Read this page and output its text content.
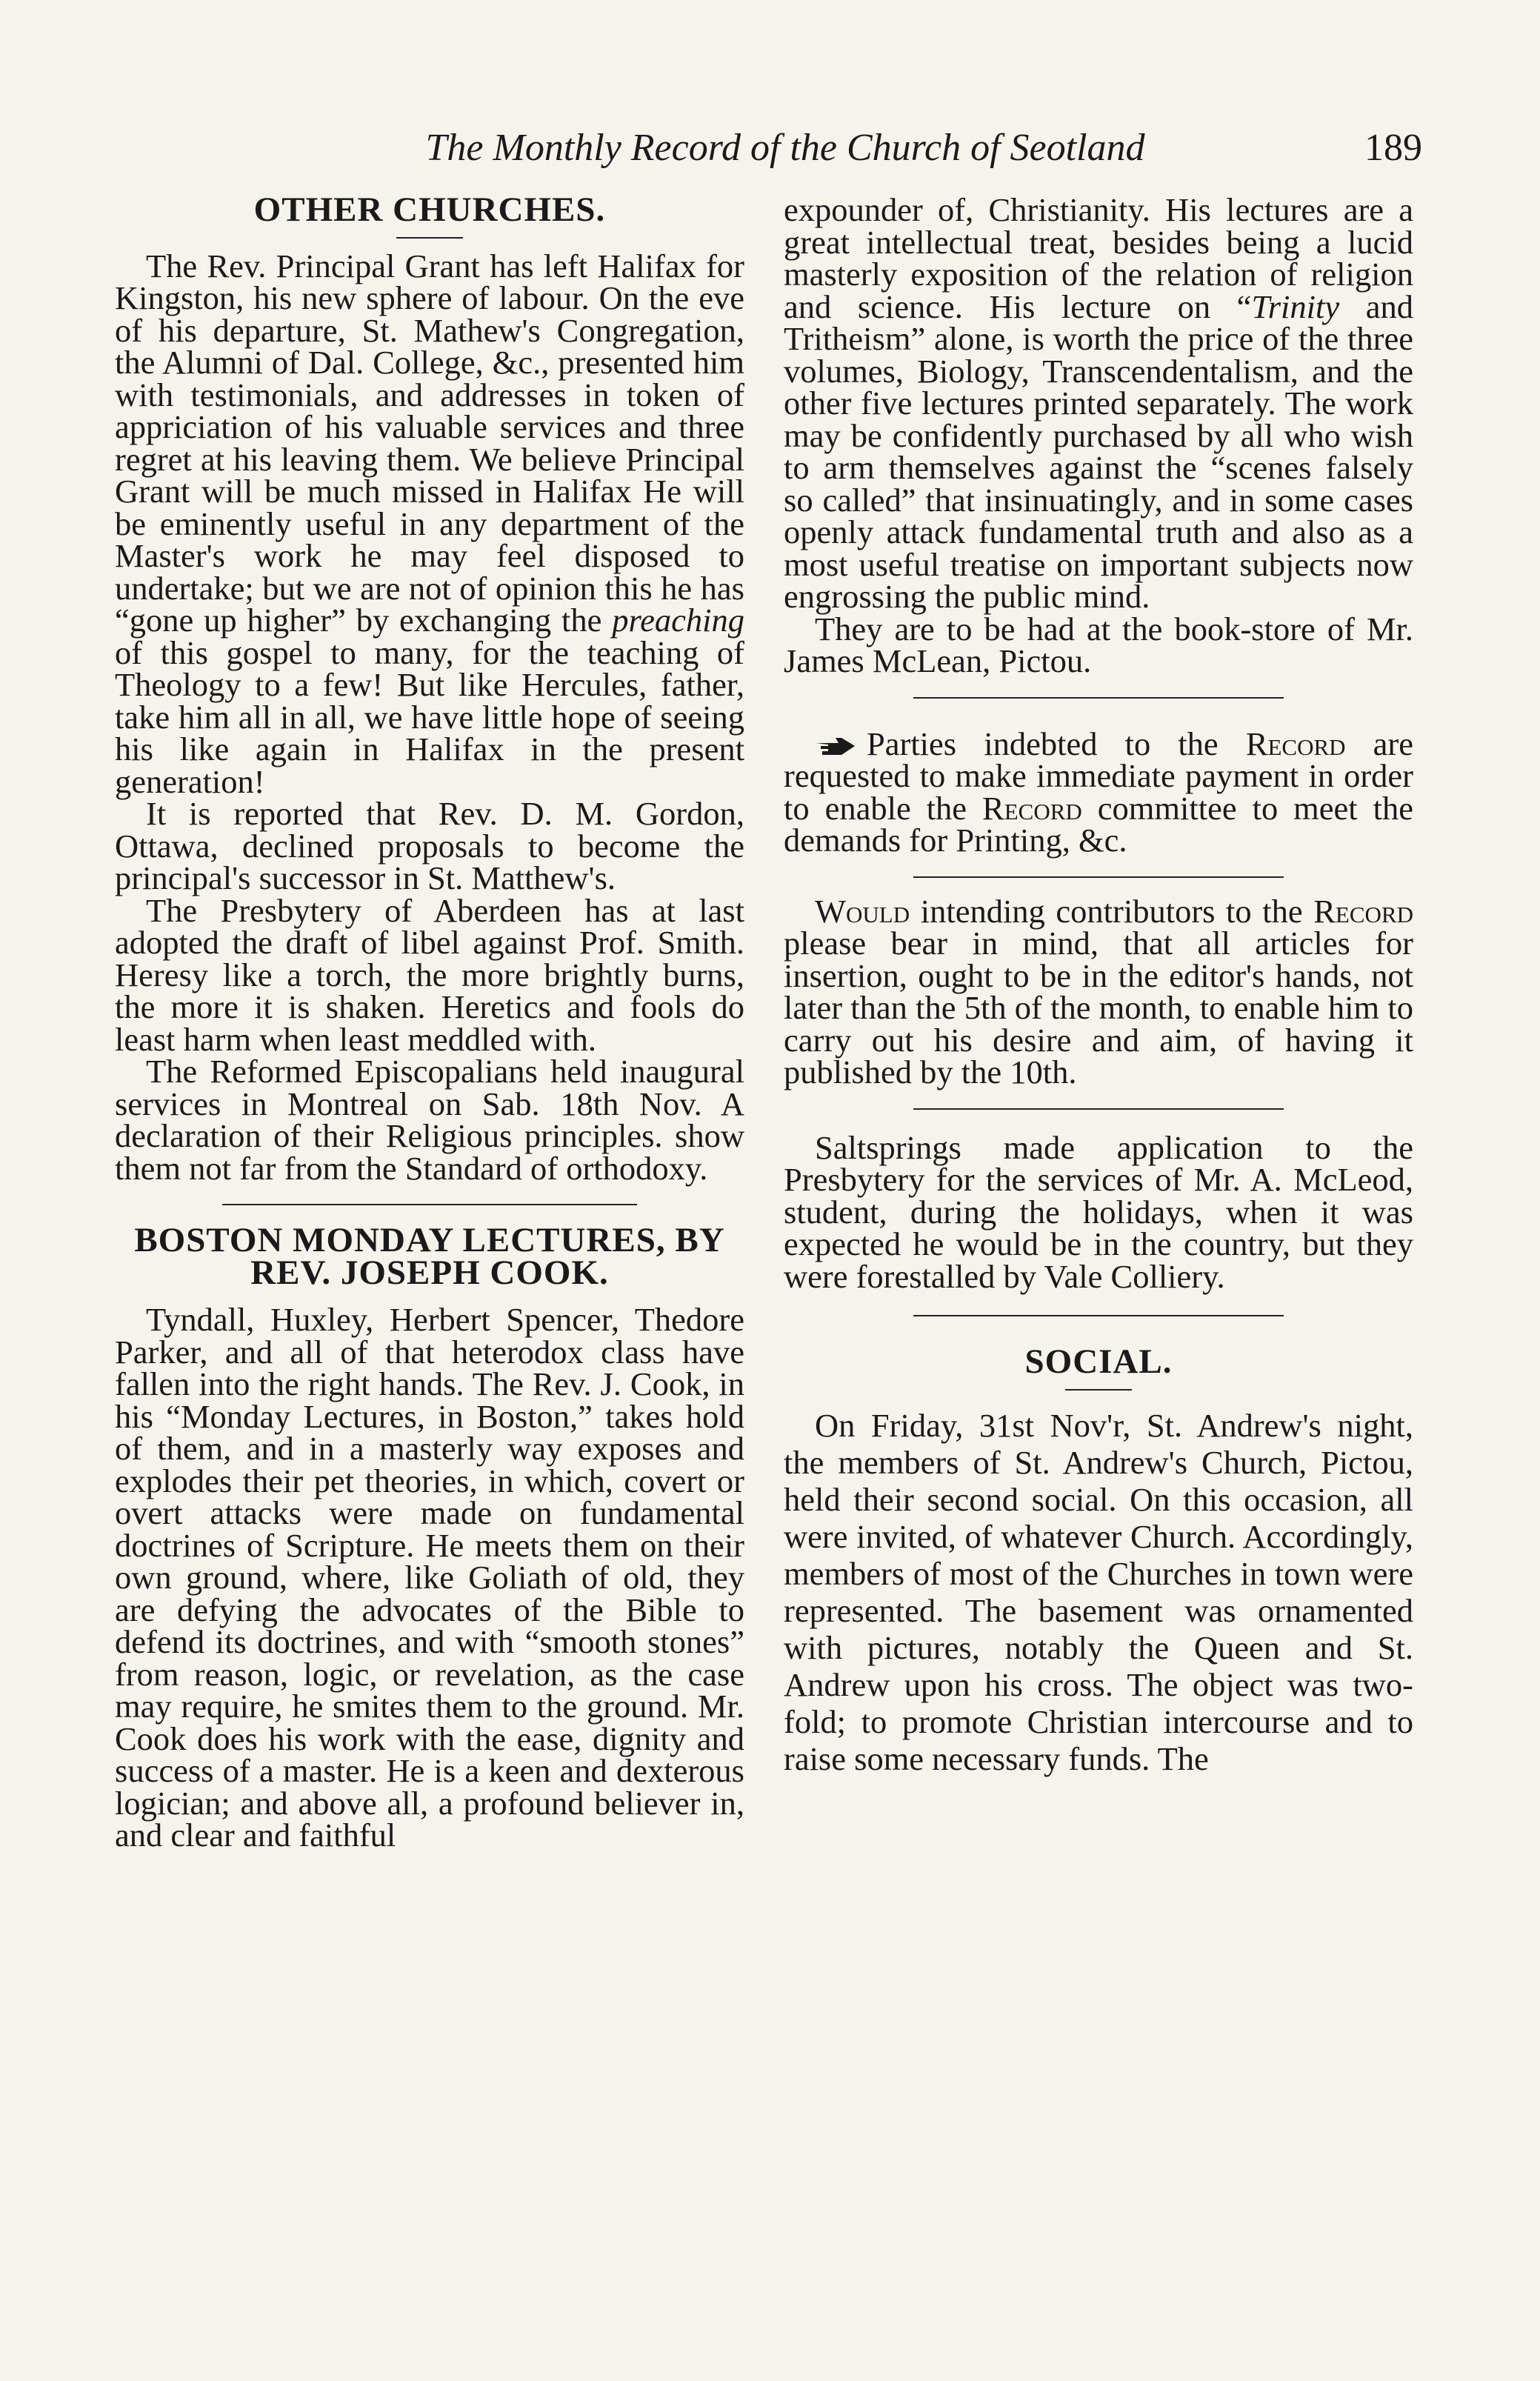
The Monthly Record of the Church of Seotland	189
OTHER CHURCHES.

The Rev. Principal Grant has left Halifax for Kingston, his new sphere of labour. On the eve of his departure, St. Mathew's Congregation, the Alumni of Dal. College, &c., presented him with testimonials, and addresses in token of appriciation of his valuable services and three regret at his leaving them. We believe Principal Grant will be much missed in Halifax He will be eminently useful in any department of the Master's work he may feel disposed to undertake; but we are not of opinion this he has “gone up higher” by exchanging the preaching of this gospel to many, for the teaching of Theology to a few! But like Hercules, father, take him all in all, we have little hope of seeing his like again in Halifax in the present generation!

It is reported that Rev. D. M. Gordon, Ottawa, declined proposals to become the principal's successor in St. Matthew's.

The Presbytery of Aberdeen has at last adopted the draft of libel against Prof. Smith. Heresy like a torch, the more brightly burns, the more it is shaken. Heretics and fools do least harm when least meddled with.

The Reformed Episcopalians held inaugural services in Montreal on Sab. 18th Nov. A declaration of their Religious principles. show them not far from the Standard of orthodoxy.

BOSTON MONDAY LECTURES, BY REV. JOSEPH COOK.

Tyndall, Huxley, Herbert Spencer, Thedore Parker, and all of that heterodox class have fallen into the right hands. The Rev. J. Cook, in his “Monday Lectures, in Boston,” takes hold of them, and in a masterly way exposes and explodes their pet theories, in which, covert or overt attacks were made on fundamental doctrines of Scripture. He meets them on their own ground, where, like Goliath of old, they are defying the advocates of the Bible to defend its doctrines, and with “smooth stones” from reason, logic, or revelation, as the case may require, he smites them to the ground. Mr. Cook does his work with the ease, dignity and success of a master. He is a keen and dexterous logician; and above all, a profound believer in, and clear and faithful

expounder of, Christianity. His lectures are a great intellectual treat, besides being a lucid masterly exposition of the relation of religion and science. His lecture on “Trinity and Tritheism” alone, is worth the price of the three volumes, Biology, Transcendentalism, and the other five lectures printed separately. The work may be confidently purchased by all who wish to arm themselves against the “scenes falsely so called” that insinuatingly, and in some cases openly attack fundamental truth and also as a most useful treatise on important subjects now engrossing the public mind.

They are to be had at the book-store of Mr. James McLean, Pictou.

Parties indebted to the Record are requested to make immediate payment in order to enable the Record committee to meet the demands for Printing, &c.

Would intending contributors to the Record please bear in mind, that all articles for insertion, ought to be in the editor's hands, not later than the 5th of the month, to enable him to carry out his desire and aim, of having it published by the 10th.

Saltsprings made application to the Presbytery for the services of Mr. A. McLeod, student, during the holidays, when it was expected he would be in the country, but they were forestalled by Vale Colliery.

SOCIAL.

On Friday, 31st Nov'r, St. Andrew's night, the members of St. Andrew's Church, Pictou, held their second social. On this occasion, all were invited, of whatever Church. Accordingly, members of most of the Churches in town were represented. The basement was ornamented with pictures, notably the Queen and St. Andrew upon his cross. The object was two-fold; to promote Christian intercourse and to raise some necessary funds. The
